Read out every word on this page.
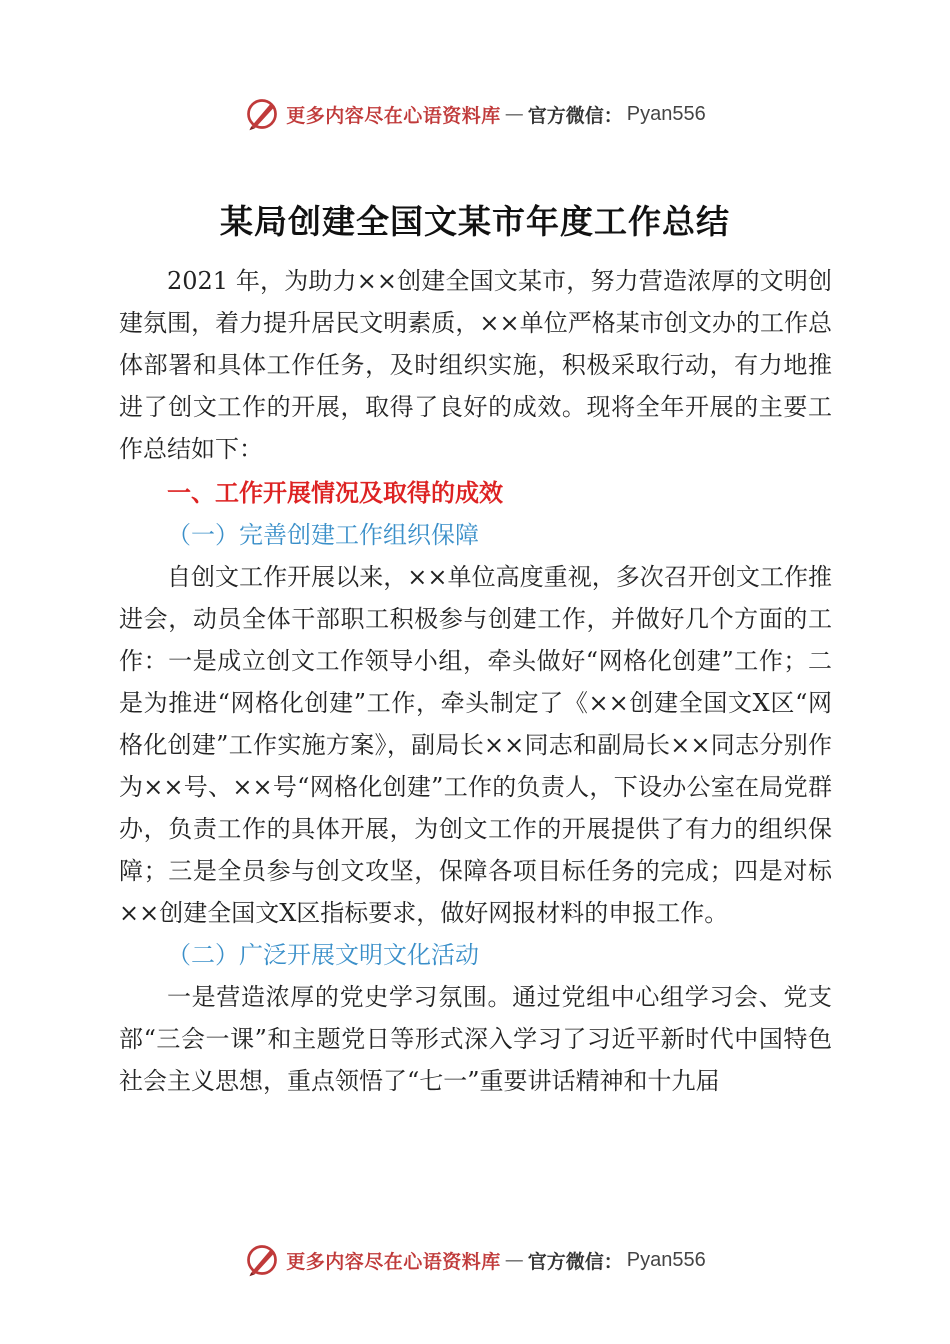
更多内容尽在心语资料库 — 官方微信： Pyan556
某局创建全国文某市年度工作总结

2021 年，为助力××创建全国文某市，努力营造浓厚的文明创建氛围，着力提升居民文明素质，××单位严格某市创文办的工作总体部署和具体工作任务，及时组织实施，积极采取行动，有力地推进了创文工作的开展，取得了良好的成效。现将全年开展的主要工作总结如下：

一、工作开展情况及取得的成效

（一）完善创建工作组织保障

自创文工作开展以来，××单位高度重视，多次召开创文工作推进会，动员全体干部职工积极参与创建工作，并做好几个方面的工作：一是成立创文工作领导小组，牵头做好“网格化创建”工作；二是为推进“网格化创建”工作，牵头制定了《××创建全国文X区“网格化创建”工作实施方案》，副局长××同志和副局长××同志分别作为××号、××号“网格化创建”工作的负责人，下设办公室在局党群办，负责工作的具体开展，为创文工作的开展提供了有力的组织保障；三是全员参与创文攻坚，保障各项目标任务的完成；四是对标××创建全国文X区指标要求，做好网报材料的申报工作。

（二）广泛开展文明文化活动

一是营造浓厚的党史学习氛围。通过党组中心组学习会、党支部“三会一课”和主题党日等形式深入学习了习近平新时代中国特色社会主义思想，重点领悟了“七一”重要讲话精神和十九届

更多内容尽在心语资料库 — 官方微信： Pyan556
